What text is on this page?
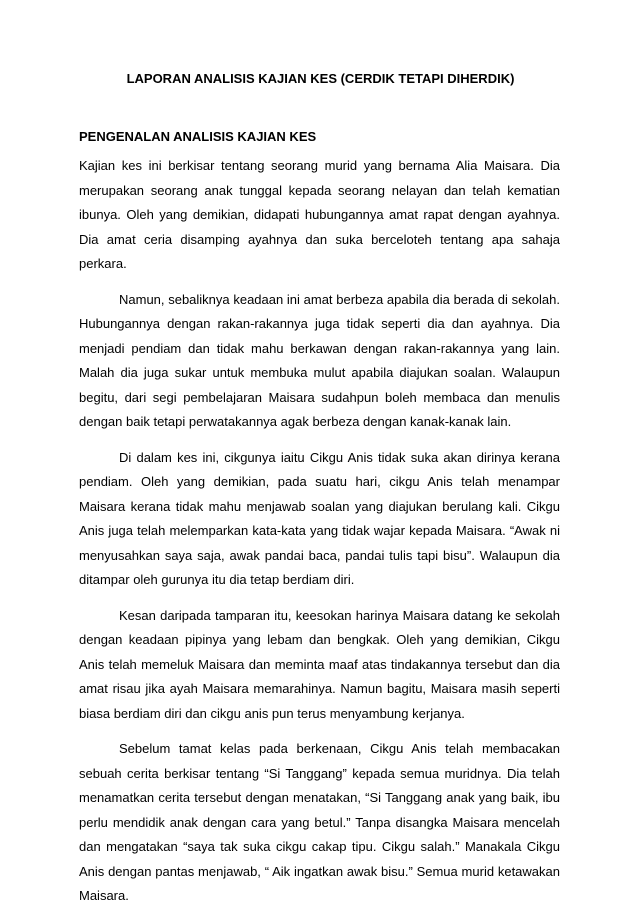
LAPORAN ANALISIS KAJIAN KES (CERDIK TETAPI DIHERDIK)
PENGENALAN ANALISIS KAJIAN KES

Kajian kes ini berkisar tentang seorang murid yang bernama Alia Maisara. Dia merupakan seorang anak tunggal kepada seorang nelayan dan telah kematian ibunya. Oleh yang demikian, didapati hubungannya amat rapat dengan ayahnya. Dia amat ceria disamping ayahnya dan suka berceloteh tentang apa sahaja perkara.

Namun, sebaliknya keadaan ini amat berbeza apabila dia berada di sekolah. Hubungannya dengan rakan-rakannya juga tidak seperti dia dan ayahnya. Dia menjadi pendiam dan tidak mahu berkawan dengan rakan-rakannya yang lain. Malah dia juga sukar untuk membuka mulut apabila diajukan soalan. Walaupun begitu, dari segi pembelajaran Maisara sudahpun boleh membaca dan menulis dengan baik tetapi perwatakannya agak berbeza dengan kanak-kanak lain.

Di dalam kes ini, cikgunya iaitu Cikgu Anis tidak suka akan dirinya kerana pendiam. Oleh yang demikian, pada suatu hari, cikgu Anis telah menampar Maisara kerana tidak mahu menjawab soalan yang diajukan berulang kali. Cikgu Anis juga telah melemparkan kata-kata yang tidak wajar kepada Maisara. “Awak ni menyusahkan saya saja, awak pandai baca, pandai tulis tapi bisu”. Walaupun dia ditampar oleh gurunya itu dia tetap berdiam diri.

Kesan daripada tamparan itu, keesokan harinya Maisara datang ke sekolah dengan keadaan pipinya yang lebam dan bengkak. Oleh yang demikian, Cikgu Anis telah memeluk Maisara dan meminta maaf atas tindakannya tersebut dan dia amat risau jika ayah Maisara memarahinya. Namun bagitu, Maisara masih seperti biasa berdiam diri dan cikgu anis pun terus menyambung kerjanya.

Sebelum tamat kelas pada berkenaan, Cikgu Anis telah membacakan sebuah cerita berkisar tentang “Si Tanggang” kepada semua muridnya. Dia telah menamatkan cerita tersebut dengan menatakan, “Si Tanggang anak yang baik, ibu perlu mendidik anak dengan cara yang betul.” Tanpa disangka Maisara mencelah dan mengatakan “saya tak suka cikgu cakap tipu. Cikgu salah.” Manakala Cikgu Anis dengan pantas menjawab, “ Aik ingatkan awak bisu.” Semua murid ketawakan Maisara.
